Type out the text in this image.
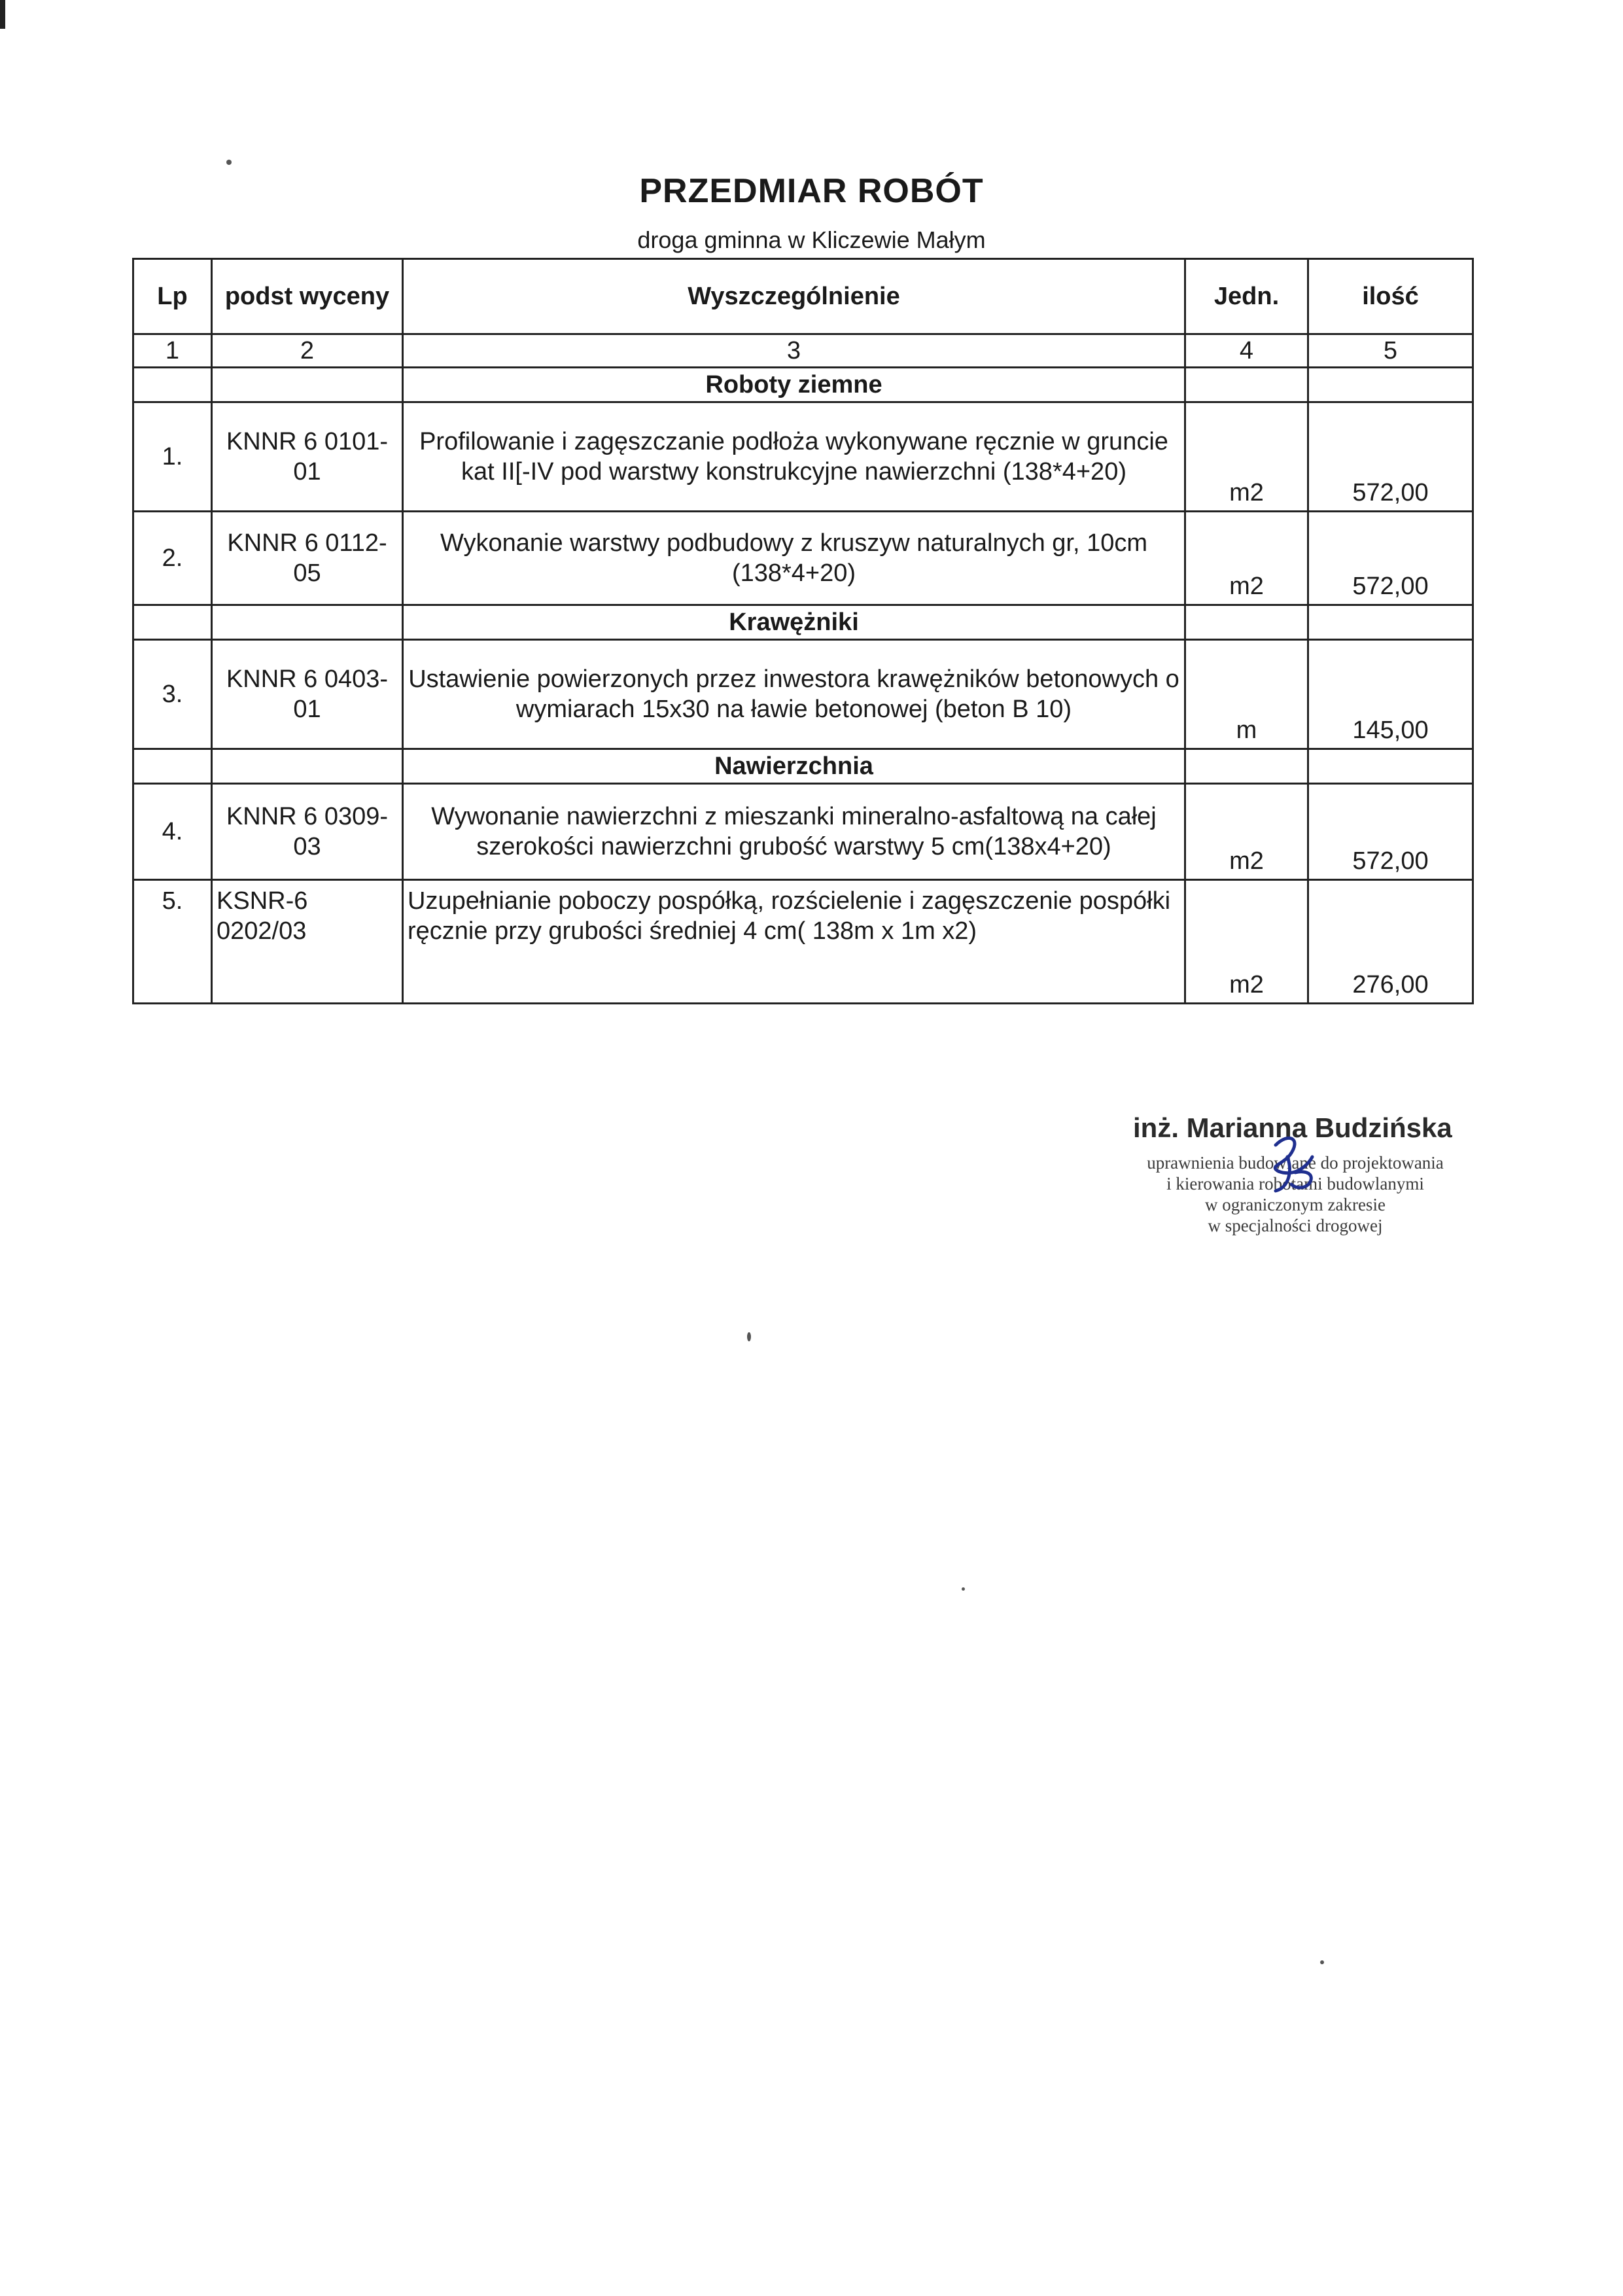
PRZEDMIAR ROBÓT
droga gminna w Kliczewie Małym
Lp	podst wyceny	Wyszczególnienie	Jedn.	ilość
1	2	3	4	5
		Roboty ziemne		
1.	KNNR 6 0101-01	Profilowanie i zagęszczanie podłoża wykonywane ręcznie w gruncie kat II[-IV pod warstwy konstrukcyjne nawierzchni (138*4+20)	m2	572,00
2.	KNNR 6 0112-05	Wykonanie warstwy podbudowy z kruszyw naturalnych gr, 10cm (138*4+20)	m2	572,00
		Krawężniki		
3.	KNNR 6 0403-01	Ustawienie powierzonych przez inwestora krawężników betonowych o wymiarach 15x30 na ławie betonowej (beton B 10)	m	145,00
		Nawierzchnia		
4.	KNNR 6 0309-03	Wywonanie nawierzchni z mieszanki mineralno-asfaltową na całej szerokości nawierzchni grubość warstwy 5 cm(138x4+20)	m2	572,00
5.	KSNR-6 0202/03	Uzupełnianie poboczy pospółką, rozścielenie i zagęszczenie pospółki ręcznie przy grubości średniej 4 cm( 138m x 1m x2)	m2	276,00
inż. Marianna Budzińska
uprawnienia budowlane do projektowania
i kierowania robotami budowlanymi
w ograniczonym zakresie
w specjalności drogowej
